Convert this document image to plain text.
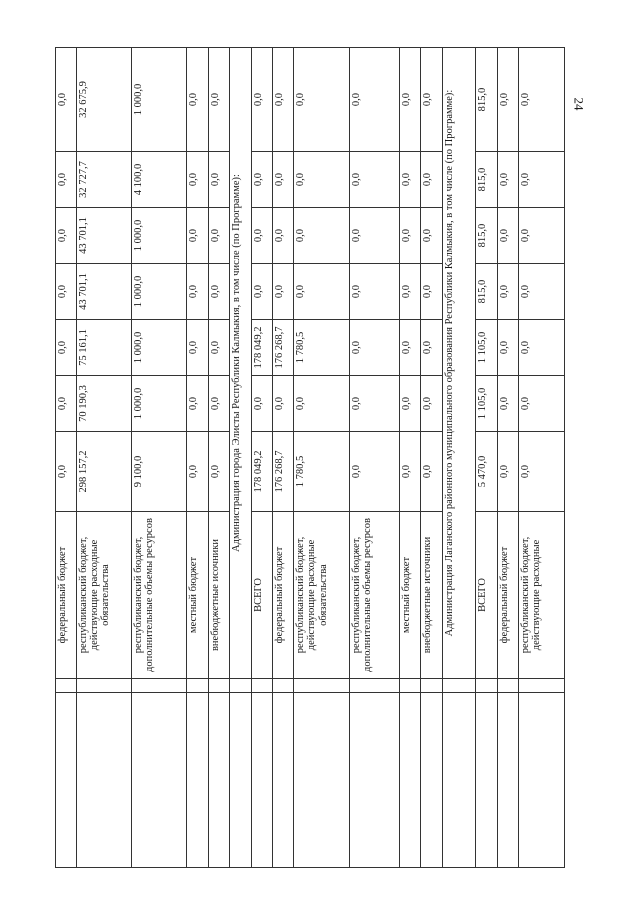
24
		федеральный бюджет	0,0	0,0	0,0	0,0	0,0	0,0	0,0
		республиканский бюджет, действующие расходные обязательства	298 157,2	70 190,3	75 161,1	43 701,1	43 701,1	32 727,7	32 675,9
		республиканский бюджет, дополнительные объемы ресурсов	9 100,0	1 000,0	1 000,0	1 000,0	1 000,0	4 100,0	1 000,0
		местный бюджет	0,0	0,0	0,0	0,0	0,0	0,0	0,0
		внебюджетные исочники	0,0	0,0	0,0	0,0	0,0	0,0	0,0
		Администрация города Элисты Республики Калмыкия, в том числе (по Программе):							
		ВСЕГО	178 049,2	0,0	178 049,2	0,0	0,0	0,0	0,0
		федеральный бюджет	176 268,7	0,0	176 268,7	0,0	0,0	0,0	0,0
		республиканский бюджет, действующие расходные обязательства	1 780,5	0,0	1 780,5	0,0	0,0	0,0	0,0
		республиканский бюджет, дополнительные объемы ресурсов	0,0	0,0	0,0	0,0	0,0	0,0	0,0
		местный бюджет	0,0	0,0	0,0	0,0	0,0	0,0	0,0
		внебюджетные источники	0,0	0,0	0,0	0,0	0,0	0,0	0,0
		Администрация Лаганского районного муниципального образования Республики Калмыкия, в том числе (по Программе):							
		ВСЕГО	5 470,0	1 105,0	1 105,0	815,0	815,0	815,0	815,0
		федеральный бюджет	0,0	0,0	0,0	0,0	0,0	0,0	0,0
		республиканский бюджет, действующие расходные	0,0	0,0	0,0	0,0	0,0	0,0	0,0
